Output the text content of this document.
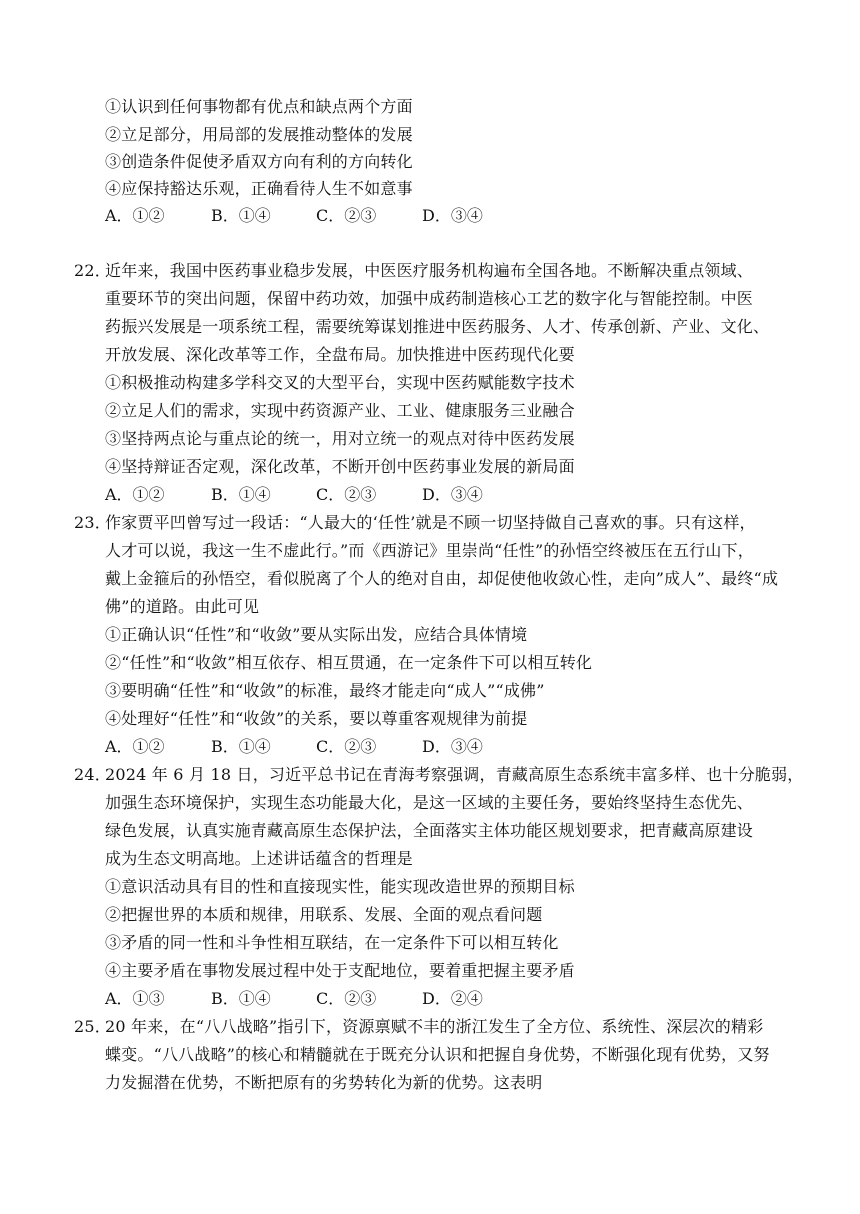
①认识到任何事物都有优点和缺点两个方面
②立足部分，用局部的发展推动整体的发展
③创造条件促使矛盾双方向有利的方向转化
④应保持豁达乐观，正确看待人生不如意事
A．①②	B．①④	C．②③	D．③④
22．
近年来，我国中医药事业稳步发展，中医医疗服务机构遍布全国各地。不断解决重点领域、
重要环节的突出问题，保留中药功效，加强中成药制造核心工艺的数字化与智能控制。中医
药振兴发展是一项系统工程，需要统筹谋划推进中医药服务、人才、传承创新、产业、文化、
开放发展、深化改革等工作，全盘布局。加快推进中医药现代化要
①积极推动构建多学科交叉的大型平台，实现中医药赋能数字技术
②立足人们的需求，实现中药资源产业、工业、健康服务三业融合
③坚持两点论与重点论的统一，用对立统一的观点对待中医药发展
④坚持辩证否定观，深化改革，不断开创中医药事业发展的新局面
A．①②	B．①④	C．②③	D．③④
23．
作家贾平凹曾写过一段话：“人最大的‘任性’就是不顾一切坚持做自己喜欢的事。只有这样，
人才可以说，我这一生不虚此行。”而《西游记》里崇尚“任性”的孙悟空终被压在五行山下，
戴上金箍后的孙悟空，看似脱离了个人的绝对自由，却促使他收敛心性，走向”成人”、最终“成
佛”的道路。由此可见
①正确认识“任性”和“收敛”要从实际出发，应结合具体情境
②“任性”和“收敛”相互依存、相互贯通，在一定条件下可以相互转化
③要明确“任性”和“收敛”的标准，最终才能走向“成人”“成佛”
④处理好“任性”和“收敛”的关系，要以尊重客观规律为前提
A．①②	B．①④	C．②③	D．③④
24．
2024 年 6 月 18 日，习近平总书记在青海考察强调，青藏高原生态系统丰富多样、也十分脆弱，
加强生态环境保护，实现生态功能最大化，是这一区域的主要任务，要始终坚持生态优先、
绿色发展，认真实施青藏高原生态保护法，全面落实主体功能区规划要求，把青藏高原建设
成为生态文明高地。上述讲话蕴含的哲理是
①意识活动具有目的性和直接现实性，能实现改造世界的预期目标
②把握世界的本质和规律，用联系、发展、全面的观点看问题
③矛盾的同一性和斗争性相互联结，在一定条件下可以相互转化
④主要矛盾在事物发展过程中处于支配地位，要着重把握主要矛盾
A．①③	B．①④	C．②③	D．②④
25．
20 年来，在“八八战略”指引下，资源禀赋不丰的浙江发生了全方位、系统性、深层次的精彩
蝶变。“八八战略”的核心和精髓就在于既充分认识和把握自身优势，不断强化现有优势，又努
力发掘潜在优势，不断把原有的劣势转化为新的优势。这表明
